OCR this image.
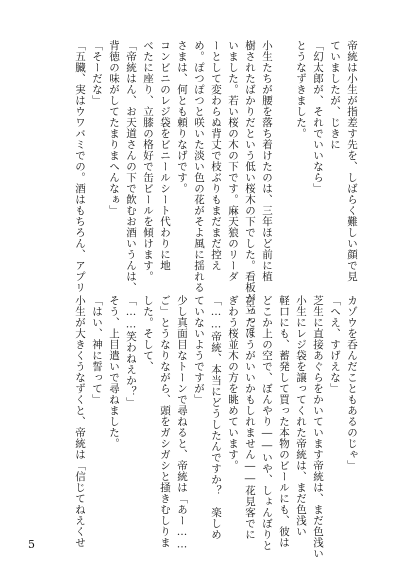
帝統は小生が指差す先を、しばらく難しい顔で見
ていましたが、じきに
「幻太郎が、それでいいなら」
とうなずきました。

小生たちが腰を落ち着けたのは、三年ほど前に植
樹されたばかりだという低い桜木の下でした。看板が立って
いました。若い桜の木の下です。麻天狼のリーダ
ーとして変わらぬ背丈で枝ぶりもまだまだ控え
め。ぽつぽつと咲いた淡い色の花がそよ風に揺れる
さまは、何とも頼りなげです。
コンビニのレジ袋をビニールシート代わりに地
べたに座り、立膝の格好で缶ビールを傾けます。
「帝統はん、お天道さんの下で飲むお酒いうんは、
背徳の味がしてたまりまへんなぁ」
「そーだな」
「五臓、実はウワバミでの。酒はもちろん、アプリ
カゾウを呑んだこともあるのじゃ」
「へえ、すげえな」
芝生に直接あぐらをかいています帝統は、まだ色浅い
小生にレジ袋を譲ってくれた帝統は、まだ色浅い
軽口にも、蓄発して買った本物のビールにも、彼は
どこか上の空で、ぼんやり――いや、しょんぼりと
言ったほうがいいかもしれません――花見客でに
ぎわう桜並木の方を眺めています。
「……帝統、本当にどうしたんですか？　楽しめ
ていないようですが」
少し真面目なトーンで尋ねると、帝統は「あー……
ご」とうなりながら、頭をガシガシと掻きむしりま
した。そして、
「……笑わねえか？」
そう、上目遣いで尋ねました。
「はい、神に誓って」
小生が大きくうなずくと、帝統は「信じてねえくせ
5
